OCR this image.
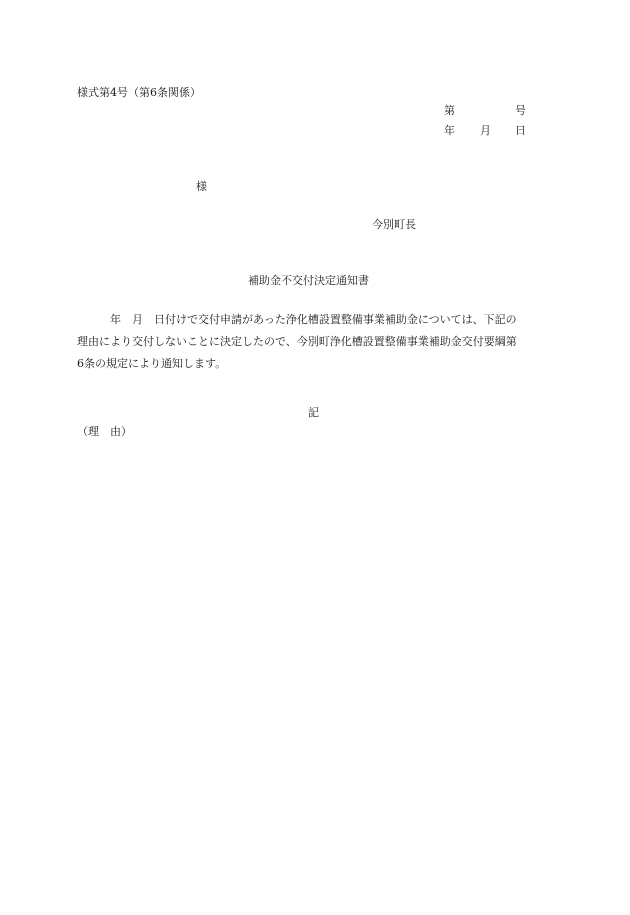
様式第4号（第6条関係）
第	号
年 月 日
様
今別町長
補助金不交付決定通知書
　　　年　月　日付けで交付申請があった浄化槽設置整備事業補助金については、下記の
理由により交付しないことに決定したので、今別町浄化槽設置整備事業補助金交付要綱第
6条の規定により通知します。
記
（理　由）
